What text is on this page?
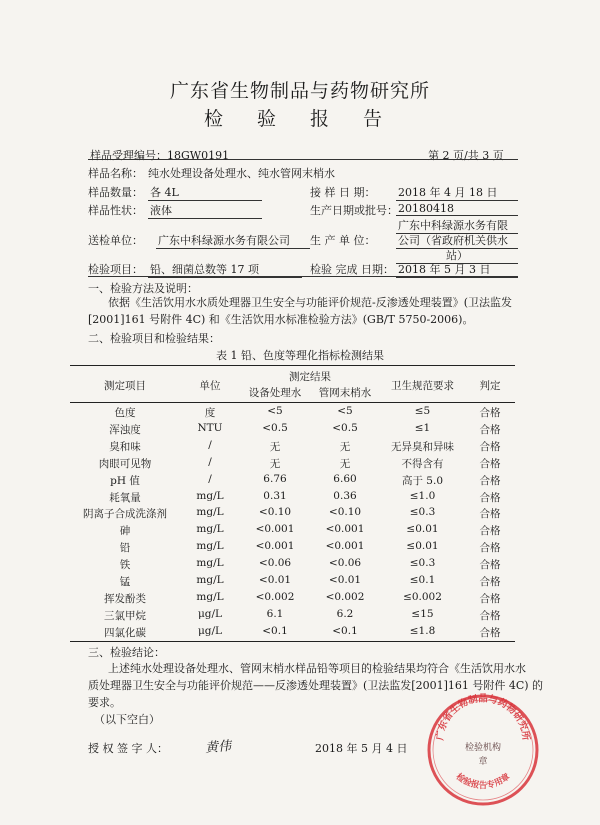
广东省生物制品与药物研究所
检 验 报 告
样品受理编号：18GW0191	第 2 页/共 3 页
样品名称： 纯水处理设备处理水、纯水管网末梢水
样品数量： 各 4L	接 样 日 期： 2018 年 4 月 18 日
样品性状： 液体	生产日期或批号： 20180418
送检单位： 广东中科绿源水务有限公司	生 产 单 位：
广东中科绿源水务有限
公司（省政府机关供水
站）
检验项目： 铅、细菌总数等 17 项	检验 完成 日期： 2018 年 5 月 3 日
一、检验方法及说明：
依据《生活饮用水水质处理器卫生安全与功能评价规范-反渗透处理装置》(卫法监发
[2001]161 号附件 4C) 和《生活饮用水标准检验方法》(GB/T 5750-2006)。
二、检验项目和检验结果：
表 1 铅、色度等理化指标检测结果
测定项目	单位
测定结果
设备处理水	管网末梢水
卫生规范要求	判定
色度	度	<5	<5	≤5	合格
浑浊度	NTU	<0.5	<0.5	≤1	合格
臭和味	/	无	无	无异臭和异味	合格
肉眼可见物	/	无	无	不得含有	合格
pH 值	/	6.76	6.60	高于 5.0	合格
耗氧量	mg/L	0.31	0.36	≤1.0	合格
阴离子合成洗涤剂	mg/L	<0.10	<0.10	≤0.3	合格
砷	mg/L	<0.001	<0.001	≤0.01	合格
铅	mg/L	<0.001	<0.001	≤0.01	合格
铁	mg/L	<0.06	<0.06	≤0.3	合格
锰	mg/L	<0.01	<0.01	≤0.1	合格
挥发酚类	mg/L	<0.002	<0.002	≤0.002	合格
三氯甲烷	μg/L	6.1	6.2	≤15	合格
四氯化碳	μg/L	<0.1	<0.1	≤1.8	合格
三、检验结论：
上述纯水处理设备处理水、管网末梢水样品铅等项目的检验结果均符合《生活饮用水水
质处理器卫生安全与功能评价规范——反渗透处理装置》(卫法监发[2001]161 号附件 4C) 的
要求。
（以下空白）
授 权 签 字 人：	黄伟	2018 年 5 月 4 日
广东省生物制品与药物研究所
检验报告专用章
检验机构
章
